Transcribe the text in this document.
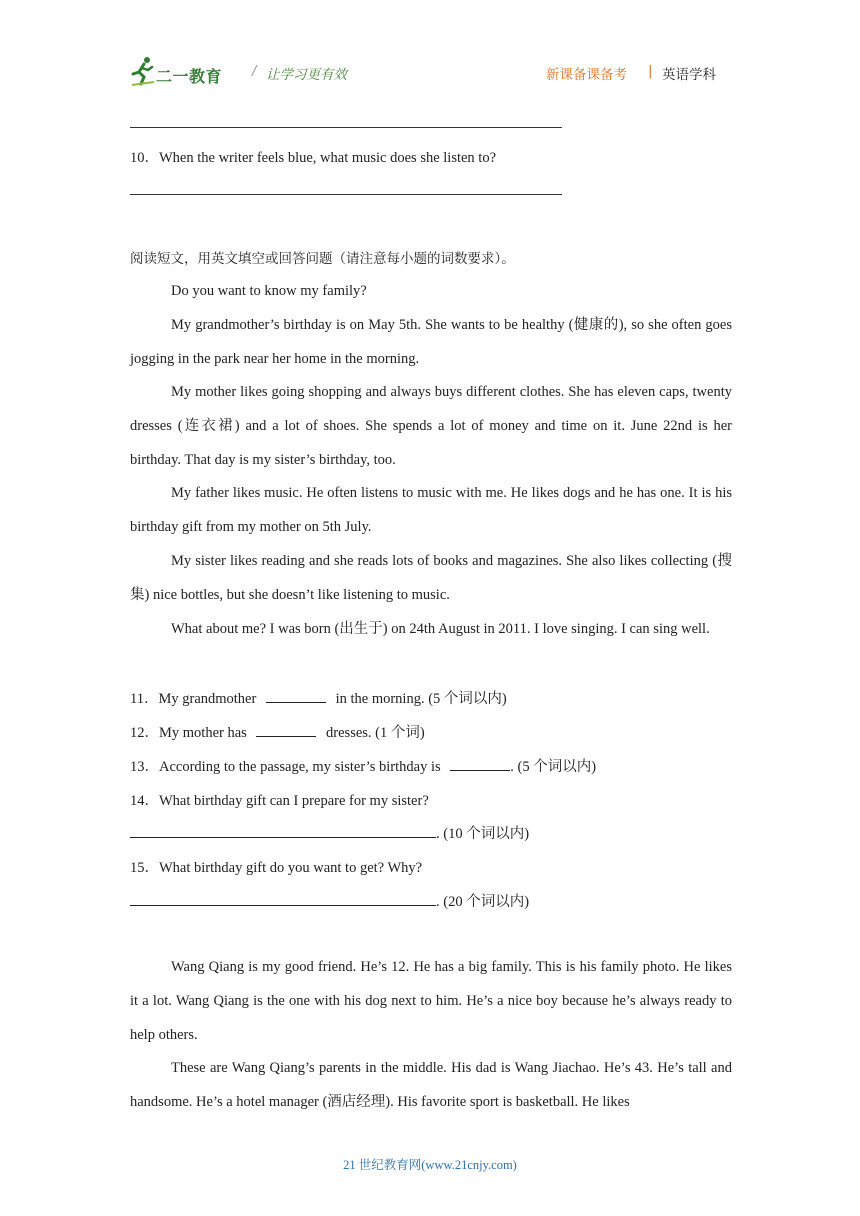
二一教育 / 让学习更有效	新课备课备考 | 英语学科
10．When the writer feels blue, what music does she listen to?
阅读短文，用英文填空或回答问题（请注意每小题的词数要求）。
Do you want to know my family?
My grandmother’s birthday is on May 5th. She wants to be healthy (健康的), so she often goes jogging in the park near her home in the morning.
My mother likes going shopping and always buys different clothes. She has eleven caps, twenty dresses (连衣裙) and a lot of shoes. She spends a lot of money and time on it. June 22nd is her birthday. That day is my sister’s birthday, too.
My father likes music. He often listens to music with me. He likes dogs and he has one. It is his birthday gift from my mother on 5th July.
My sister likes reading and she reads lots of books and magazines. She also likes collecting (搜集) nice bottles, but she doesn’t like listening to music.
What about me? I was born (出生于) on 24th August in 2011. I love singing. I can sing well.
11．My grandmother	in the morning. (5 个词以内)
12．My mother has	dresses. (1 个词)
13．According to the passage, my sister’s birthday is	. (5 个词以内)
14．What birthday gift can I prepare for my sister?
. (10 个词以内)
15．What birthday gift do you want to get? Why?
. (20 个词以内)
Wang Qiang is my good friend. He’s 12. He has a big family. This is his family photo. He likes it a lot. Wang Qiang is the one with his dog next to him. He’s a nice boy because he’s always ready to help others.
These are Wang Qiang’s parents in the middle. His dad is Wang Jiachao. He’s 43. He’s tall and handsome. He’s a hotel manager (酒店经理). His favorite sport is basketball. He likes
21 世纪教育网(www.21cnjy.com)
